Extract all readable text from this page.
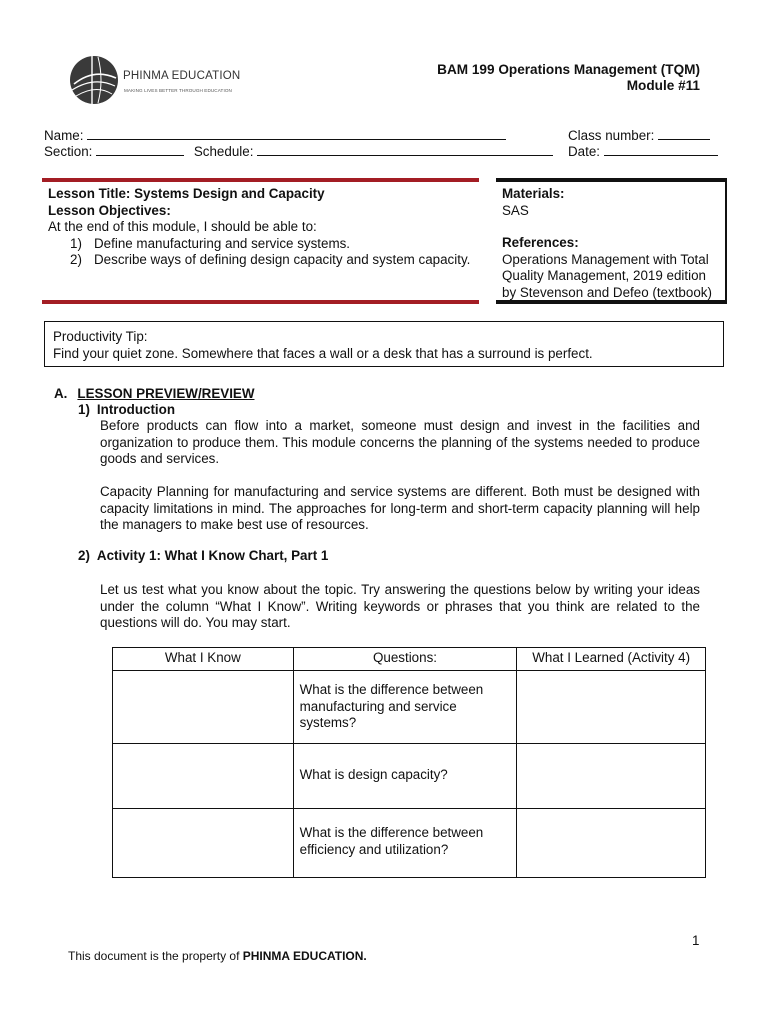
PHINMA EDUCATION
MAKING LIVES BETTER THROUGH EDUCATION
BAM 199 Operations Management (TQM)
Module #11
Name:	Class number:
Section:	Schedule:	Date:
Lesson Title: Systems Design and Capacity
Lesson Objectives:
At the end of this module, I should be able to:
1) Define manufacturing and service systems.
2) Describe ways of defining design capacity and system capacity.
Materials:
SAS
References:
Operations Management with Total Quality Management, 2019 edition by Stevenson and Defeo (textbook)
Productivity Tip:
Find your quiet zone. Somewhere that faces a wall or a desk that has a surround is perfect.
A. LESSON PREVIEW/REVIEW
1) Introduction
Before products can flow into a market, someone must design and invest in the facilities and organization to produce them. This module concerns the planning of the systems needed to produce goods and services.
Capacity Planning for manufacturing and service systems are different. Both must be designed with capacity limitations in mind. The approaches for long-term and short-term capacity planning will help the managers to make best use of resources.
2) Activity 1: What I Know Chart, Part 1
Let us test what you know about the topic. Try answering the questions below by writing your ideas under the column “What I Know”. Writing keywords or phrases that you think are related to the questions will do. You may start.
What I Know	Questions:	What I Learned (Activity 4)
	What is the difference between manufacturing and service systems?	
	What is design capacity?	
	What is the difference between efficiency and utilization?	
1
This document is the property of PHINMA EDUCATION.
